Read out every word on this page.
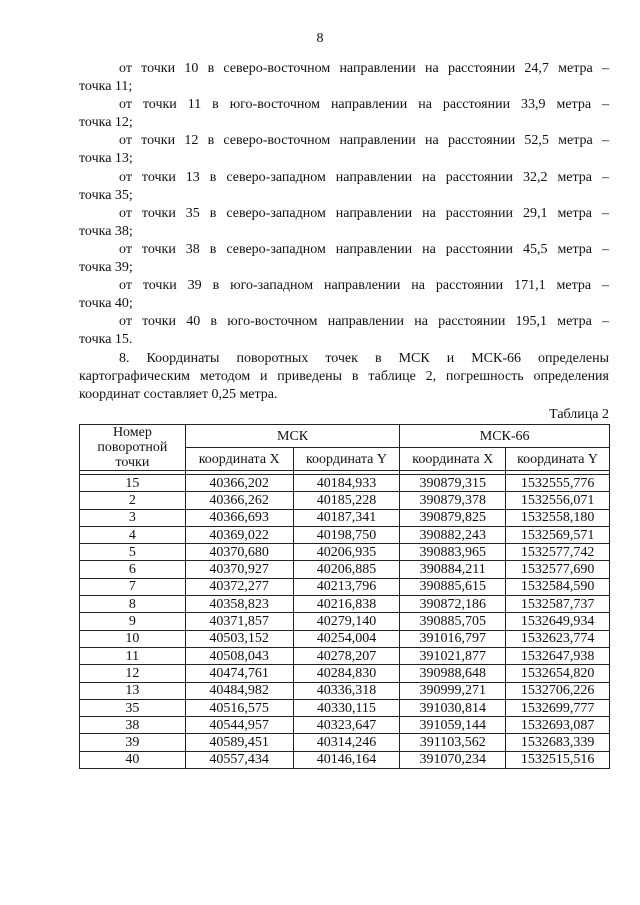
8

от точки 10 в северо-восточном направлении на расстоянии 24,7 метра –
точка 11;

от точки 11 в юго-восточном направлении на расстоянии 33,9 метра –
точка 12;

от точки 12 в северо-восточном направлении на расстоянии 52,5 метра –
точка 13;

от точки 13 в северо-западном направлении на расстоянии 32,2 метра –
точка 35;

от точки 35 в северо-западном направлении на расстоянии 29,1 метра –
точка 38;

от точки 38 в северо-западном направлении на расстоянии 45,5 метра –
точка 39;

от точки 39 в юго-западном направлении на расстоянии 171,1 метра –
точка 40;

от точки 40 в юго-восточном направлении на расстоянии 195,1 метра –
точка 15.

8. Координаты поворотных точек в МСК и МСК-66 определены картографическим методом и приведены в таблице 2, погрешность определения координат составляет 0,25 метра.

Таблица 2
Номер поворотной точки	МСК		МСК-66	
	координата X	координата Y	координата X	координата Y

15	40366,202	40184,933	390879,315	1532555,776
2	40366,262	40185,228	390879,378	1532556,071
3	40366,693	40187,341	390879,825	1532558,180
4	40369,022	40198,750	390882,243	1532569,571
5	40370,680	40206,935	390883,965	1532577,742
6	40370,927	40206,885	390884,211	1532577,690
7	40372,277	40213,796	390885,615	1532584,590
8	40358,823	40216,838	390872,186	1532587,737
9	40371,857	40279,140	390885,705	1532649,934
10	40503,152	40254,004	391016,797	1532623,774
11	40508,043	40278,207	391021,877	1532647,938
12	40474,761	40284,830	390988,648	1532654,820
13	40484,982	40336,318	390999,271	1532706,226
35	40516,575	40330,115	391030,814	1532699,777
38	40544,957	40323,647	391059,144	1532693,087
39	40589,451	40314,246	391103,562	1532683,339
40	40557,434	40146,164	391070,234	1532515,516
